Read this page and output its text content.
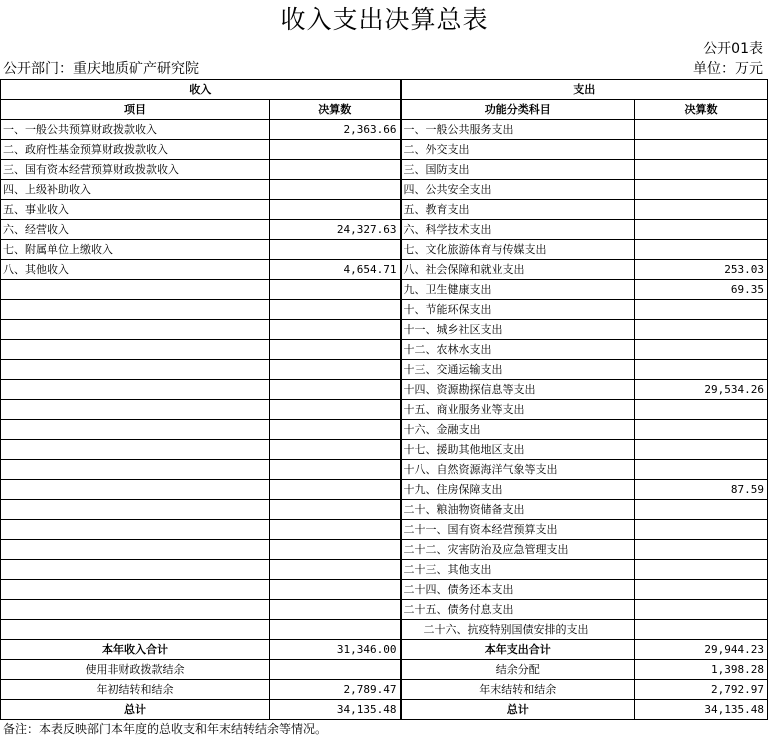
收入支出决算总表
公开01表
公开部门：重庆地质矿产研究院	单位：万元
收入		支出	
项目	决算数	功能分类科目	决算数
一、一般公共预算财政拨款收入	2,363.66	一、一般公共服务支出	
二、政府性基金预算财政拨款收入		二、外交支出	
三、国有资本经营预算财政拨款收入		三、国防支出	
四、上级补助收入		四、公共安全支出	
五、事业收入		五、教育支出	
六、经营收入	24,327.63	六、科学技术支出	
七、附属单位上缴收入		七、文化旅游体育与传媒支出	
八、其他收入	4,654.71	八、社会保障和就业支出	253.03
		九、卫生健康支出	69.35
		十、节能环保支出	
		十一、城乡社区支出	
		十二、农林水支出	
		十三、交通运输支出	
		十四、资源勘探信息等支出	29,534.26
		十五、商业服务业等支出	
		十六、金融支出	
		十七、援助其他地区支出	
		十八、自然资源海洋气象等支出	
		十九、住房保障支出	87.59
		二十、粮油物资储备支出	
		二十一、国有资本经营预算支出	
		二十二、灾害防治及应急管理支出	
		二十三、其他支出	
		二十四、债务还本支出	
		二十五、债务付息支出	
		二十六、抗疫特别国债安排的支出	
本年收入合计	31,346.00	本年支出合计	29,944.23
使用非财政拨款结余		结余分配	1,398.28
年初结转和结余	2,789.47	年末结转和结余	2,792.97
总计	34,135.48	总计	34,135.48
备注：本表反映部门本年度的总收支和年末结转结余等情况。
